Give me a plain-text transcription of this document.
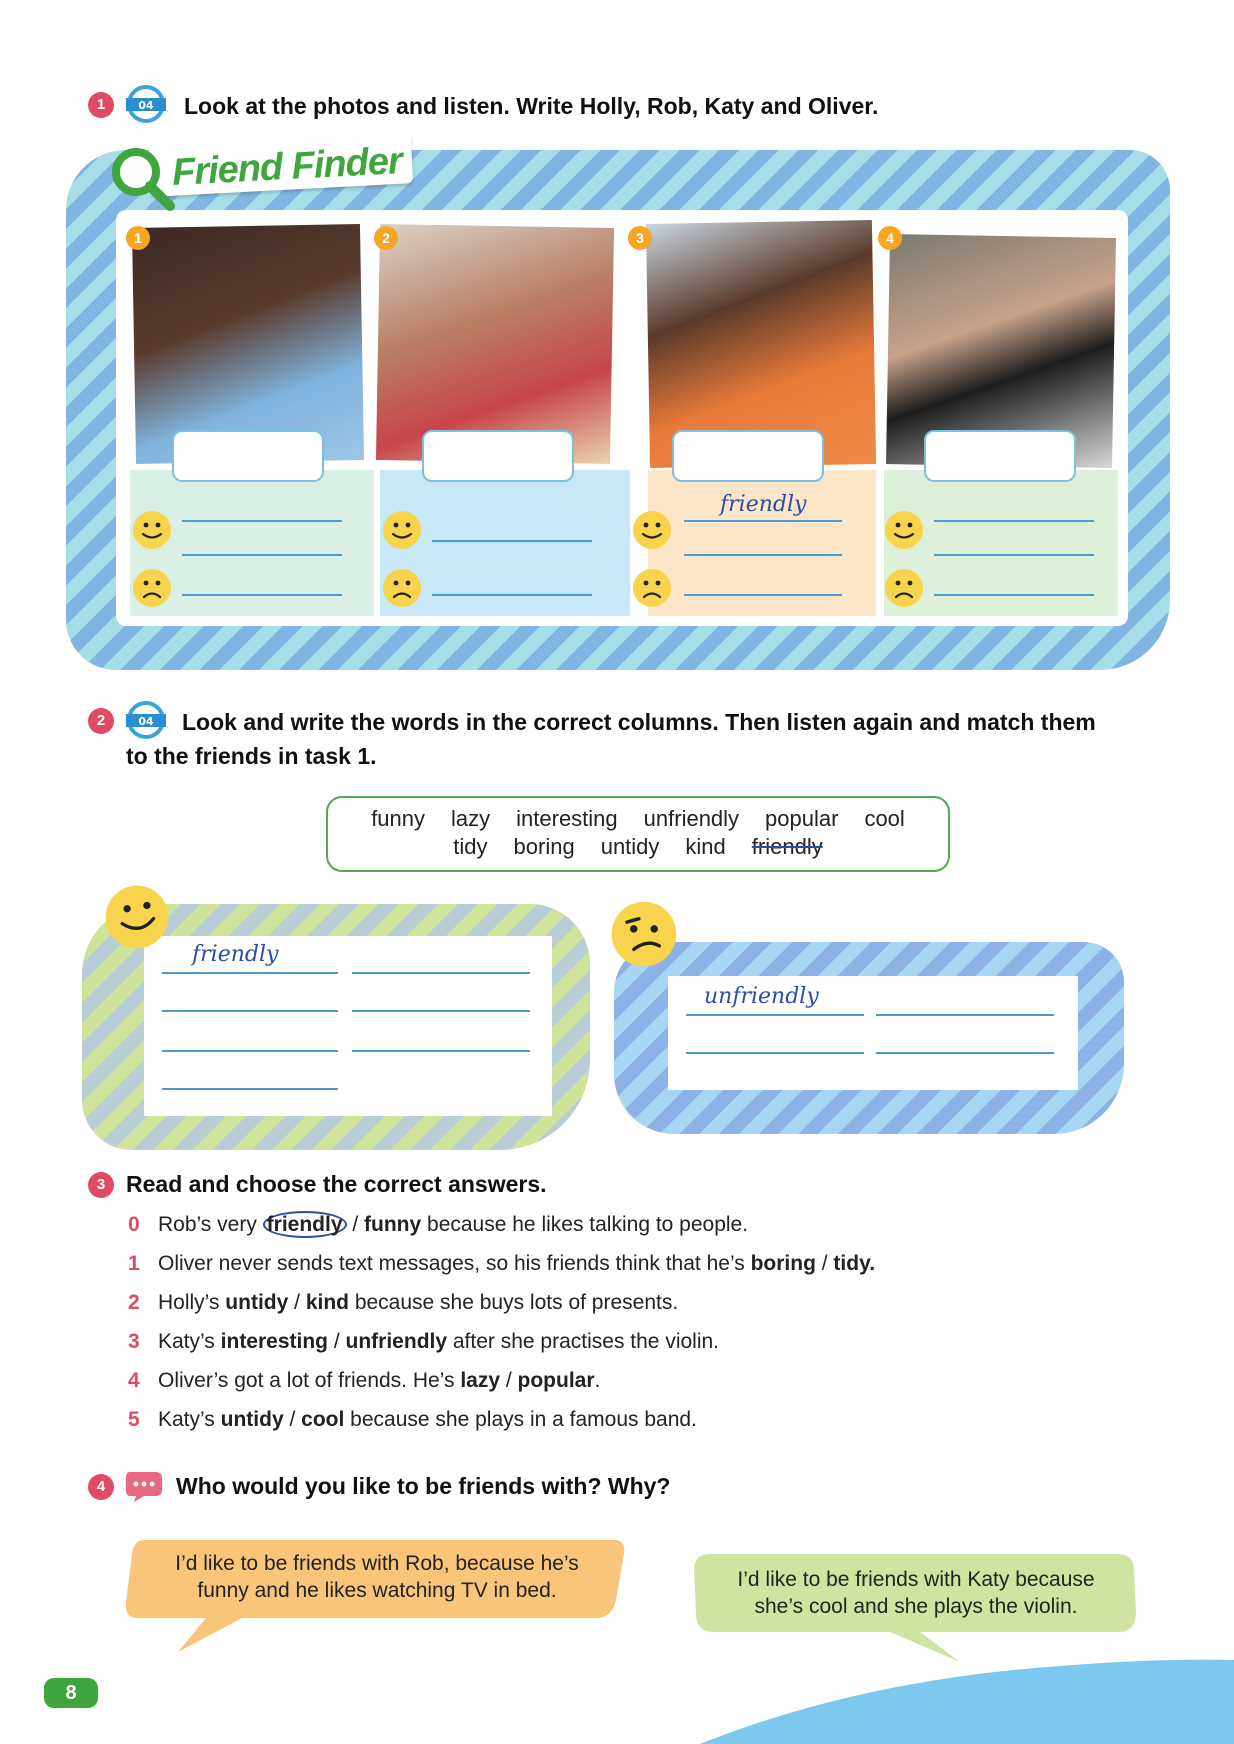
1	04 Look at the photos and listen. Write Holly, Rob, Katy and Oliver.
Friend Finder
1	2	3	4
friendly
2	04 Look and write the words in the correct columns. Then listen again and match them
to the friends in task 1.
funny lazy interesting unfriendly popular cool
tidy boring untidy kind friendly
friendly
unfriendly
3 Read and choose the correct answers.
0 Rob’s very friendly / funny because he likes talking to people.
1 Oliver never sends text messages, so his friends think that he’s boring / tidy.
2 Holly’s untidy / kind because she buys lots of presents.
3 Katy’s interesting / unfriendly after she practises the violin.
4 Oliver’s got a lot of friends. He’s lazy / popular.
5 Katy’s untidy / cool because she plays in a famous band.
4	Who would you like to be friends with? Why?
I’d like to be friends with Rob, because he’s
funny and he likes watching TV in bed.	I’d like to be friends with Katy because
she’s cool and she plays the violin.
8
